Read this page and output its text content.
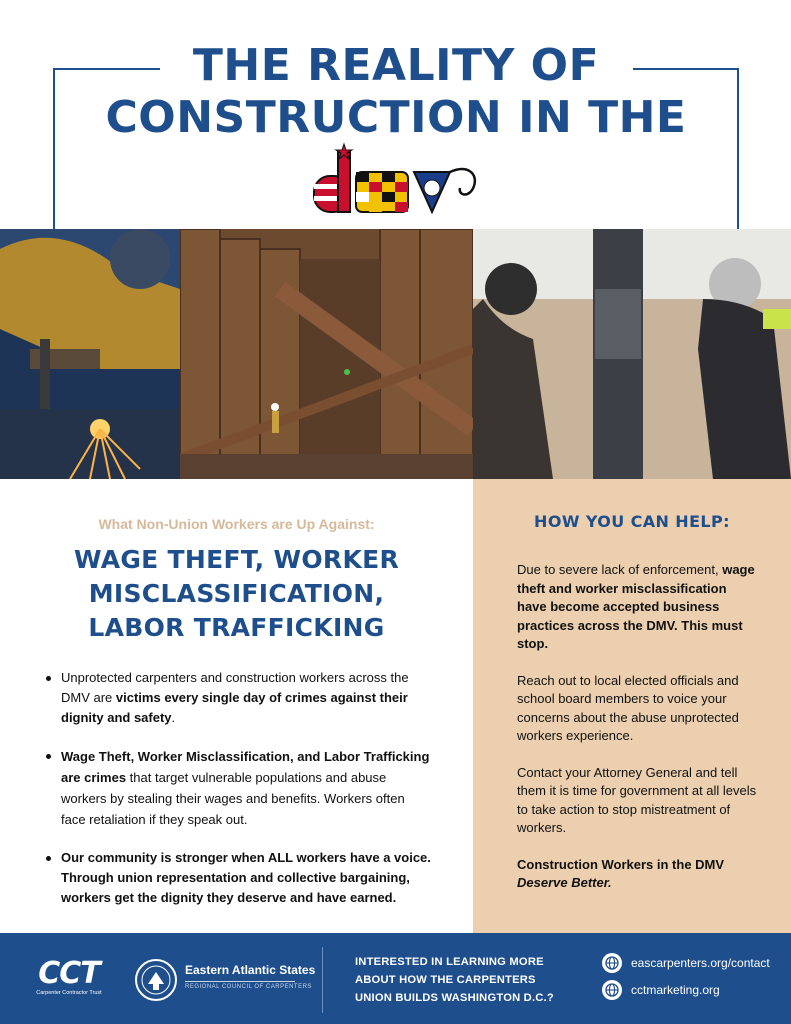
THE REALITY OF
CONSTRUCTION IN THE
What Non-Union Workers are Up Against:
WAGE THEFT, WORKER
MISCLASSIFICATION,
LABOR TRAFFICKING
Unprotected carpenters and construction workers across the DMV are victims every single day of crimes against their dignity and safety.
Wage Theft, Worker Misclassification, and Labor Trafficking are crimes that target vulnerable populations and abuse workers by stealing their wages and benefits. Workers often face retaliation if they speak out.
Our community is stronger when ALL workers have a voice. Through union representation and collective bargaining, workers get the dignity they deserve and have earned.
HOW YOU CAN HELP:

Due to severe lack of enforcement, wage theft and worker misclassification have become accepted business practices across the DMV. This must stop.

Reach out to local elected officials and school board members to voice your concerns about the abuse unprotected workers experience.

Contact your Attorney General and tell them it is time for government at all levels to take action to stop mistreatment of workers.

Construction Workers in the DMV Deserve Better.

CCT
Carpenter Contractor Trust
Eastern Atlantic States
REGIONAL COUNCIL OF CARPENTERS
INTERESTED IN LEARNING MORE
ABOUT HOW THE CARPENTERS
UNION BUILDS WASHINGTON D.C.?
eascarpenters.org/contact
cctmarketing.org
